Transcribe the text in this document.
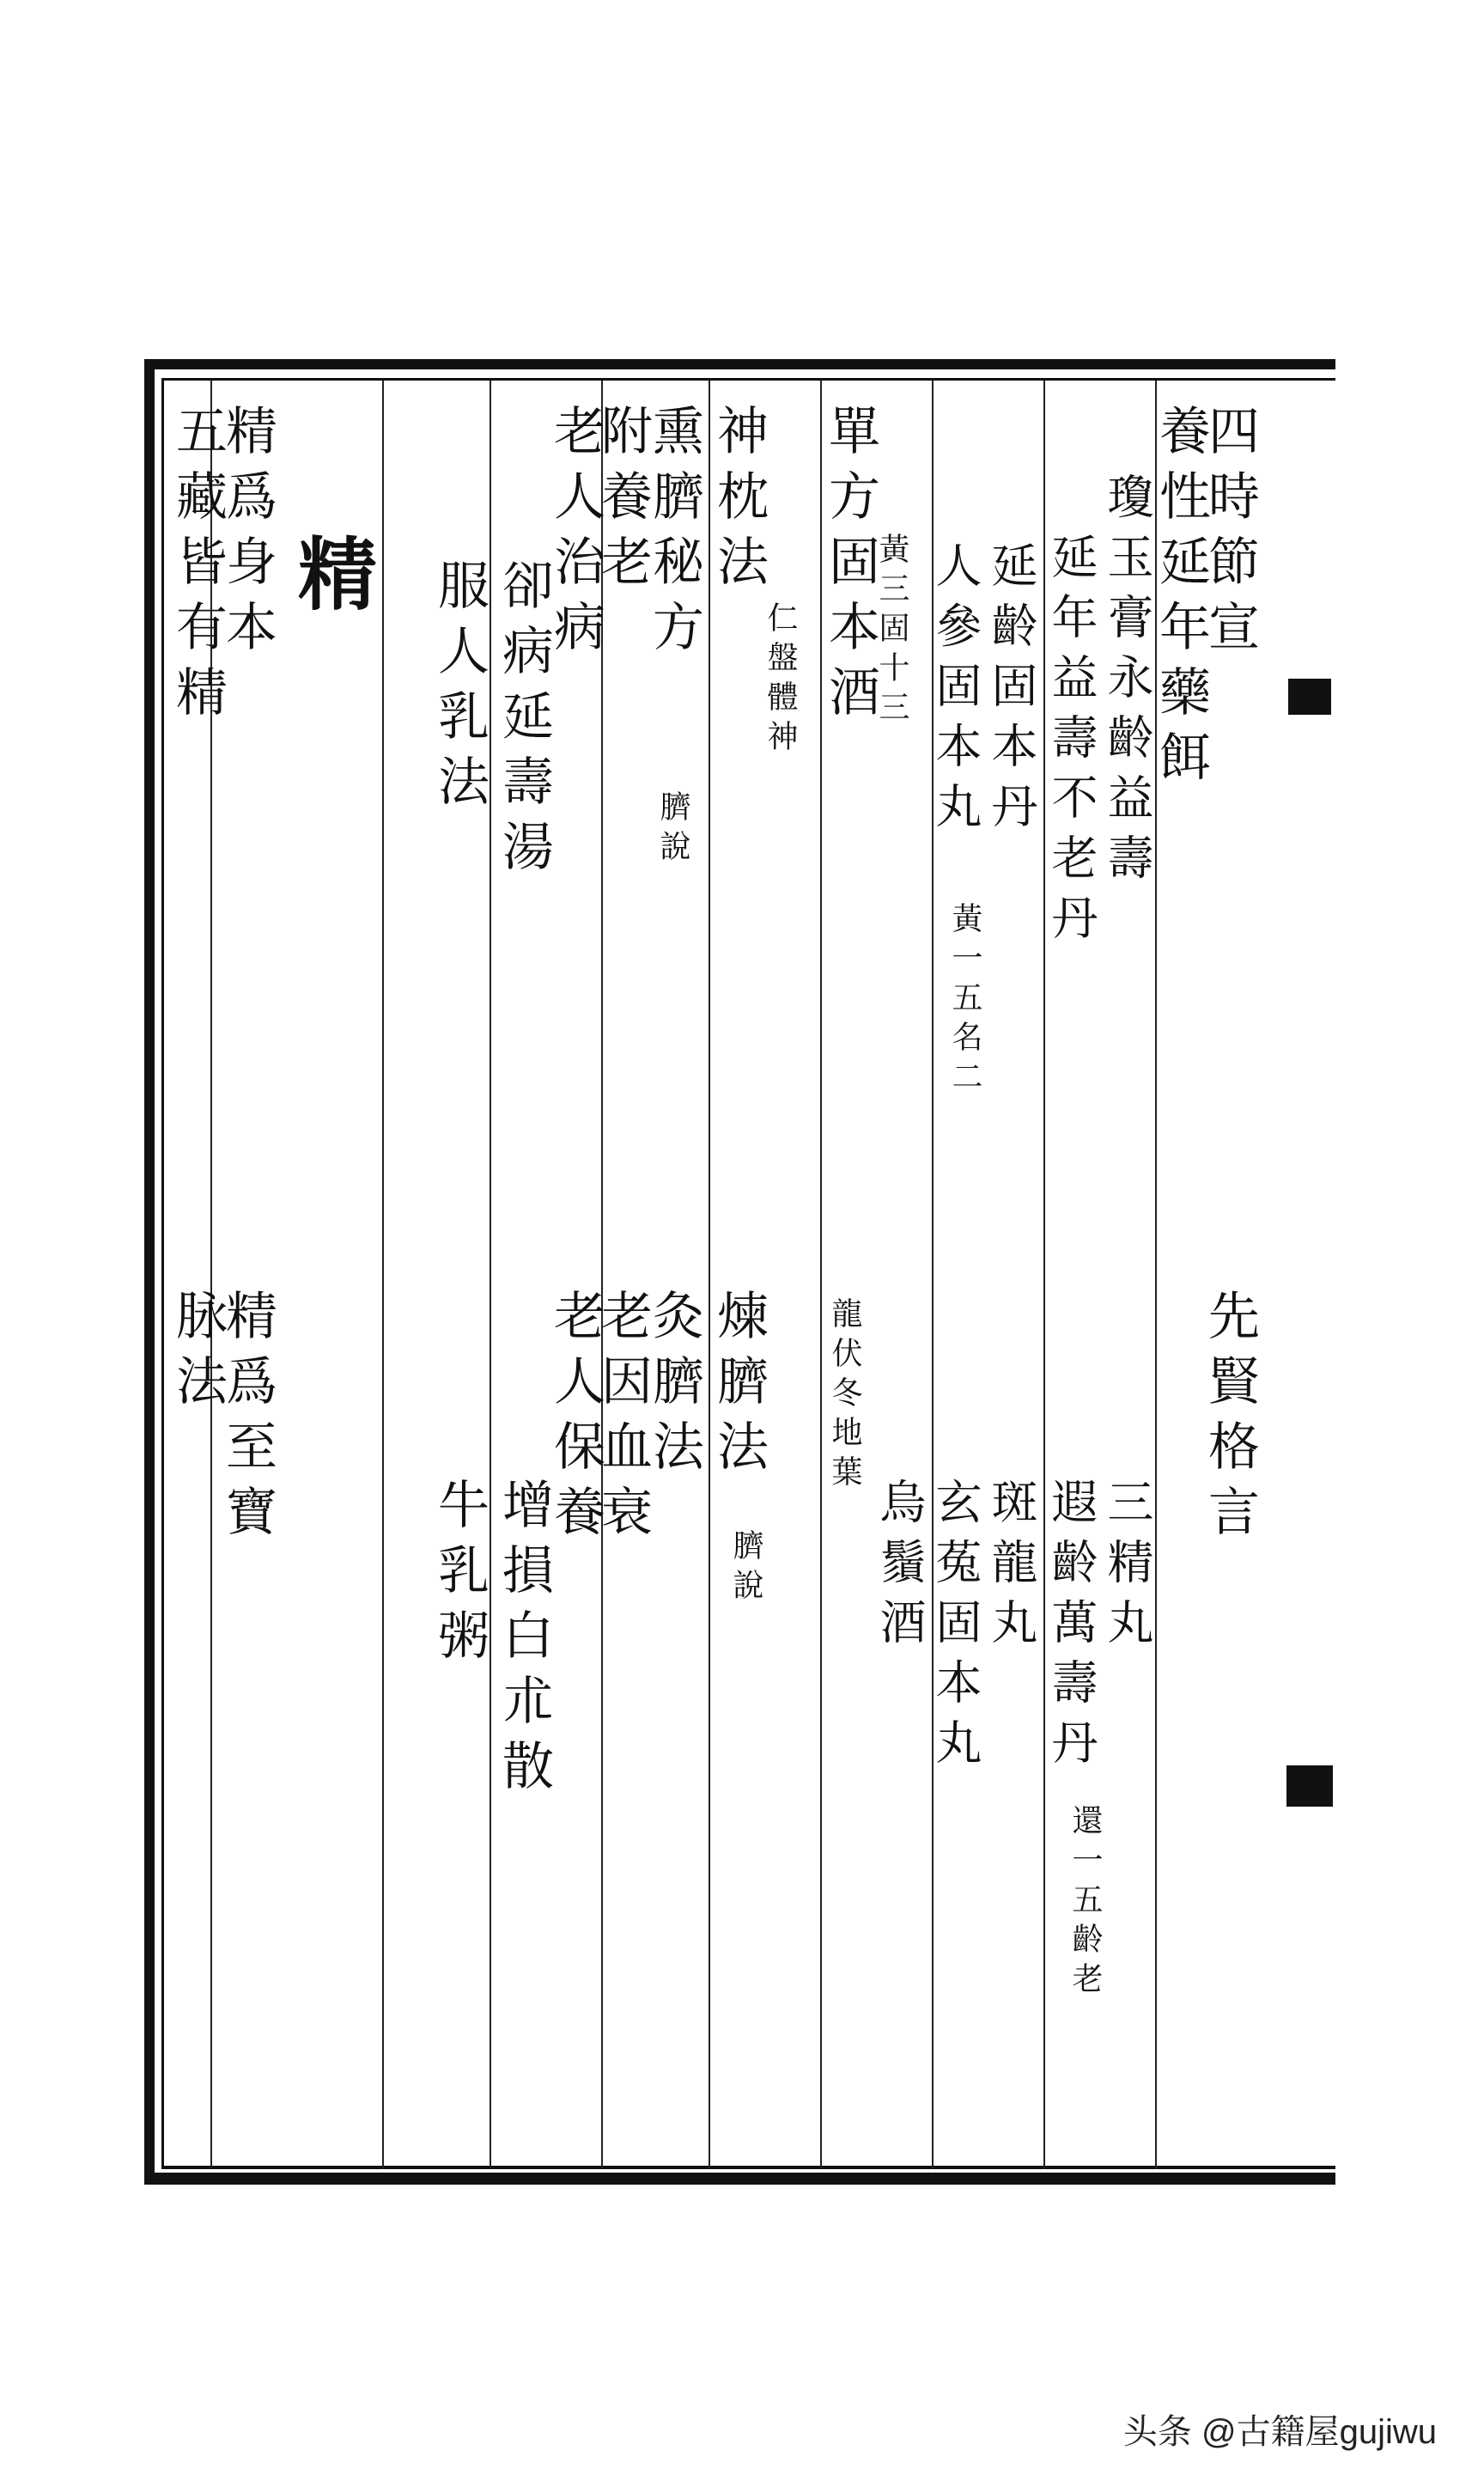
四時節宣
養性延年藥餌
瓊玉膏永齡益壽
延年益壽不老丹
延齡固本丹
人參固本丸
黃一五名二
單方固本酒
黃三固十三
神枕法
仁盤體神
熏臍秘方
臍說
附養老
老人治病
卻病延壽湯
服人乳法
先賢格言
三精丸
遐齡萬壽丹
還一五齡老
斑龍丸
玄菟固本丸
烏鬚酒
龍伏冬地葉
煉臍法
臍說
灸臍法
老因血衰
老人保養
增損白朮散
牛乳粥
精
精爲身本
五藏皆有精
精爲至寶
脉法
头条 @古籍屋gujiwu
